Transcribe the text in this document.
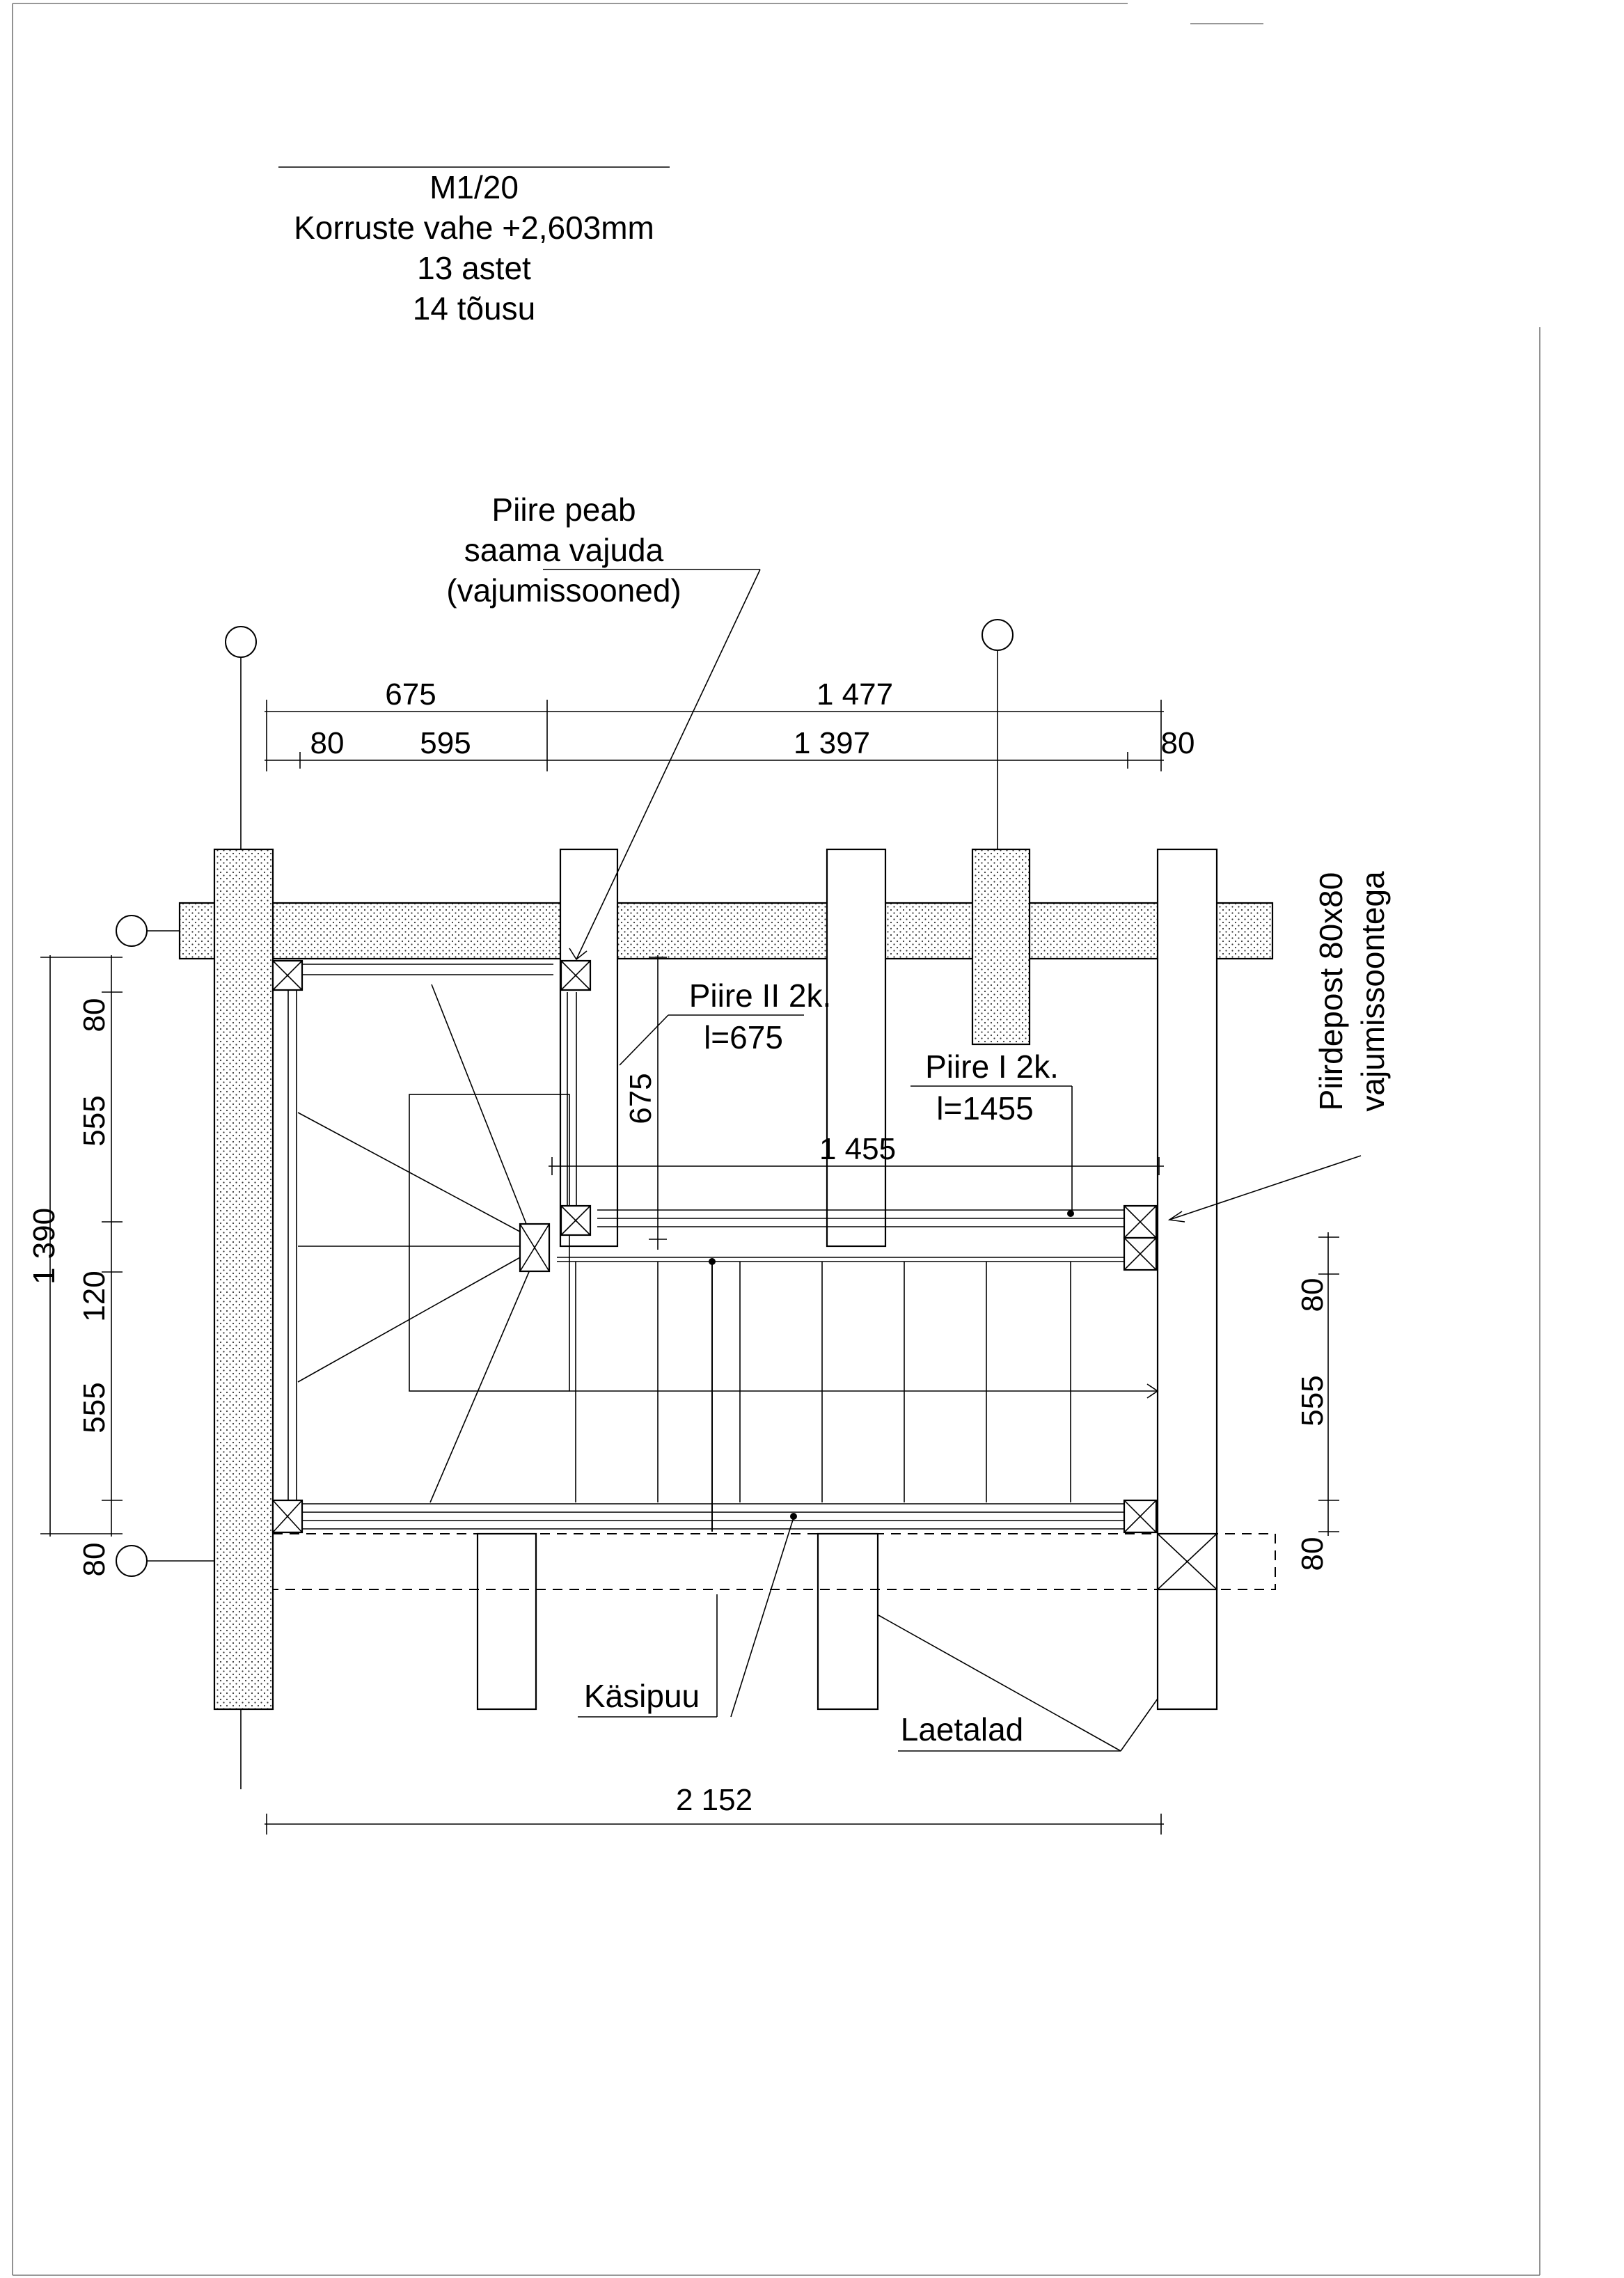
M1/20
Korruste vahe +2,603mm
13 astet
14 tõusu
675	1 477
80 595	1 397	80
2 152
1 390
80
555
120
555
80
80
555
80
675
1 455
Piire peab
saama vajuda
(vajumissooned)
Piire II 2k.
l=675
Piire I 2k.
l=1455	Piirdepost 80x80 vajumissoontega
Käsipuu
Laetalad
